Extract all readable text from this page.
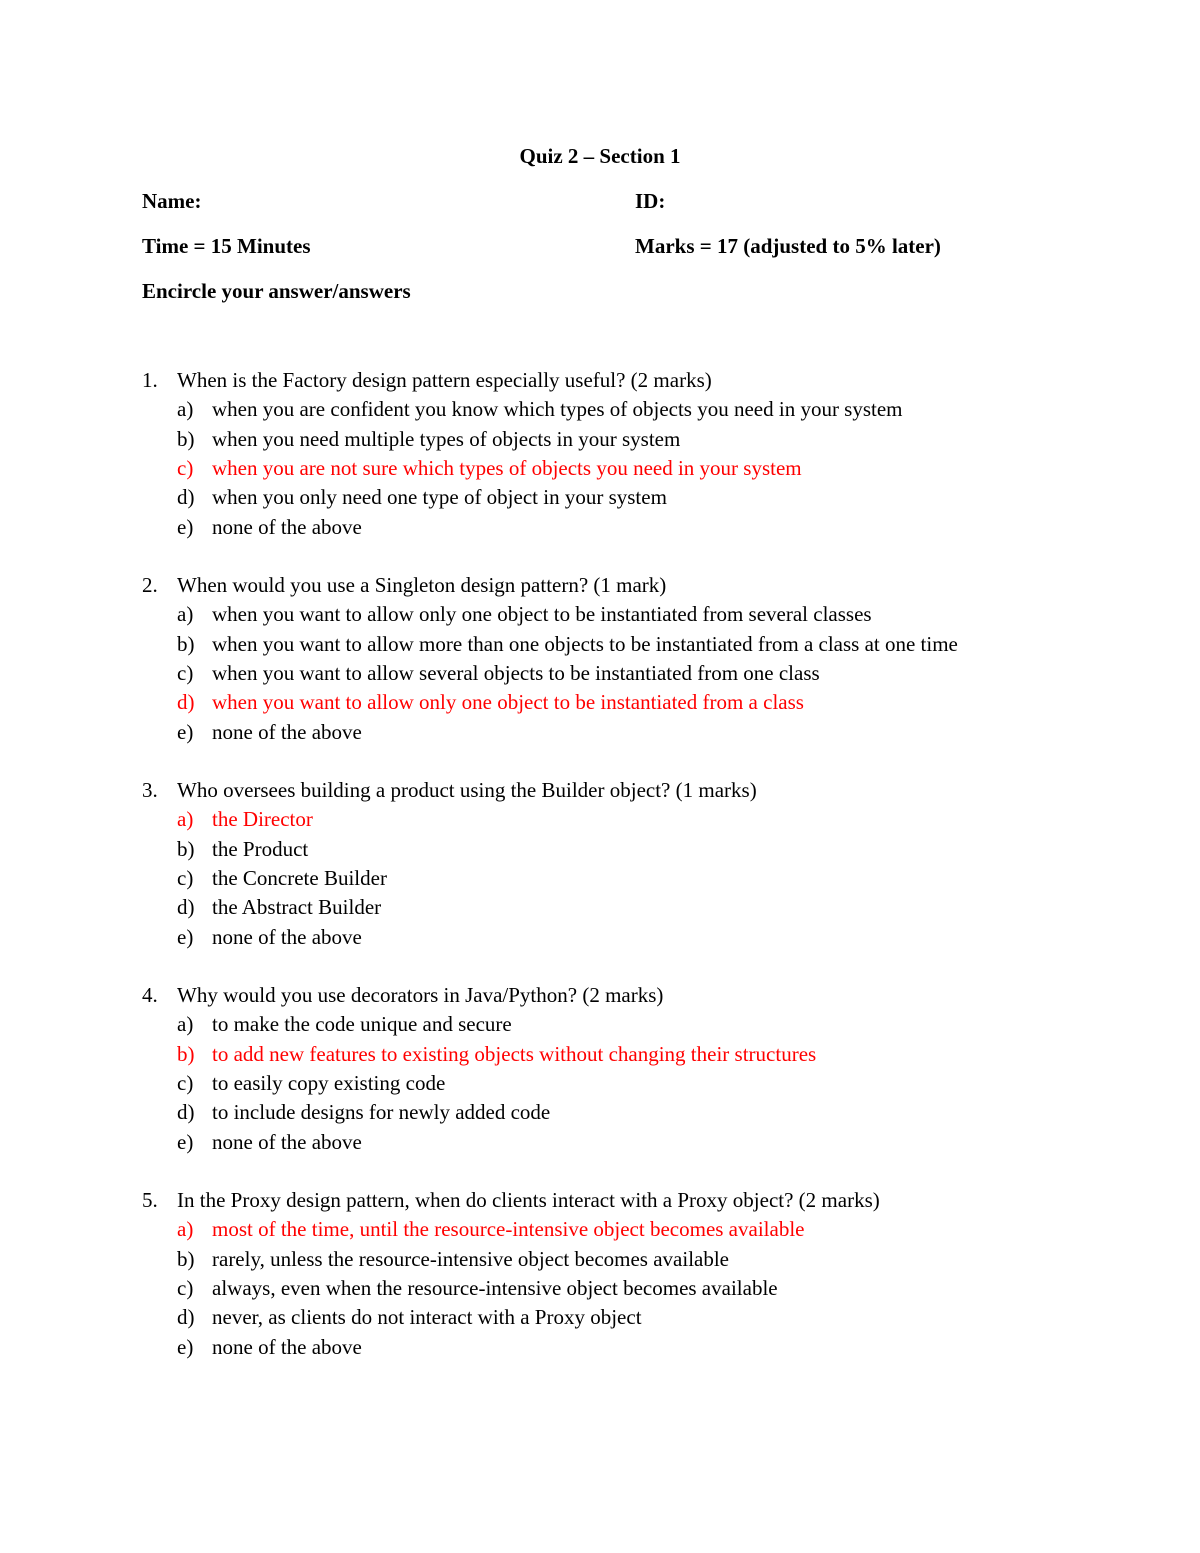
Quiz 2 – Section 1
Name:	ID:
Time = 15 Minutes	Marks = 17 (adjusted to 5% later)
Encircle your answer/answers
1. When is the Factory design pattern especially useful? (2 marks)
a) when you are confident you know which types of objects you need in your system
b) when you need multiple types of objects in your system
c) when you are not sure which types of objects you need in your system
d) when you only need one type of object in your system
e) none of the above
2. When would you use a Singleton design pattern? (1 mark)
a) when you want to allow only one object to be instantiated from several classes
b) when you want to allow more than one objects to be instantiated from a class at one time
c) when you want to allow several objects to be instantiated from one class
d) when you want to allow only one object to be instantiated from a class
e) none of the above
3. Who oversees building a product using the Builder object? (1 marks)
a) the Director
b) the Product
c) the Concrete Builder
d) the Abstract Builder
e) none of the above
4. Why would you use decorators in Java/Python? (2 marks)
a) to make the code unique and secure
b) to add new features to existing objects without changing their structures
c) to easily copy existing code
d) to include designs for newly added code
e) none of the above
5. In the Proxy design pattern, when do clients interact with a Proxy object? (2 marks)
a) most of the time, until the resource-intensive object becomes available
b) rarely, unless the resource-intensive object becomes available
c) always, even when the resource-intensive object becomes available
d) never, as clients do not interact with a Proxy object
e) none of the above
